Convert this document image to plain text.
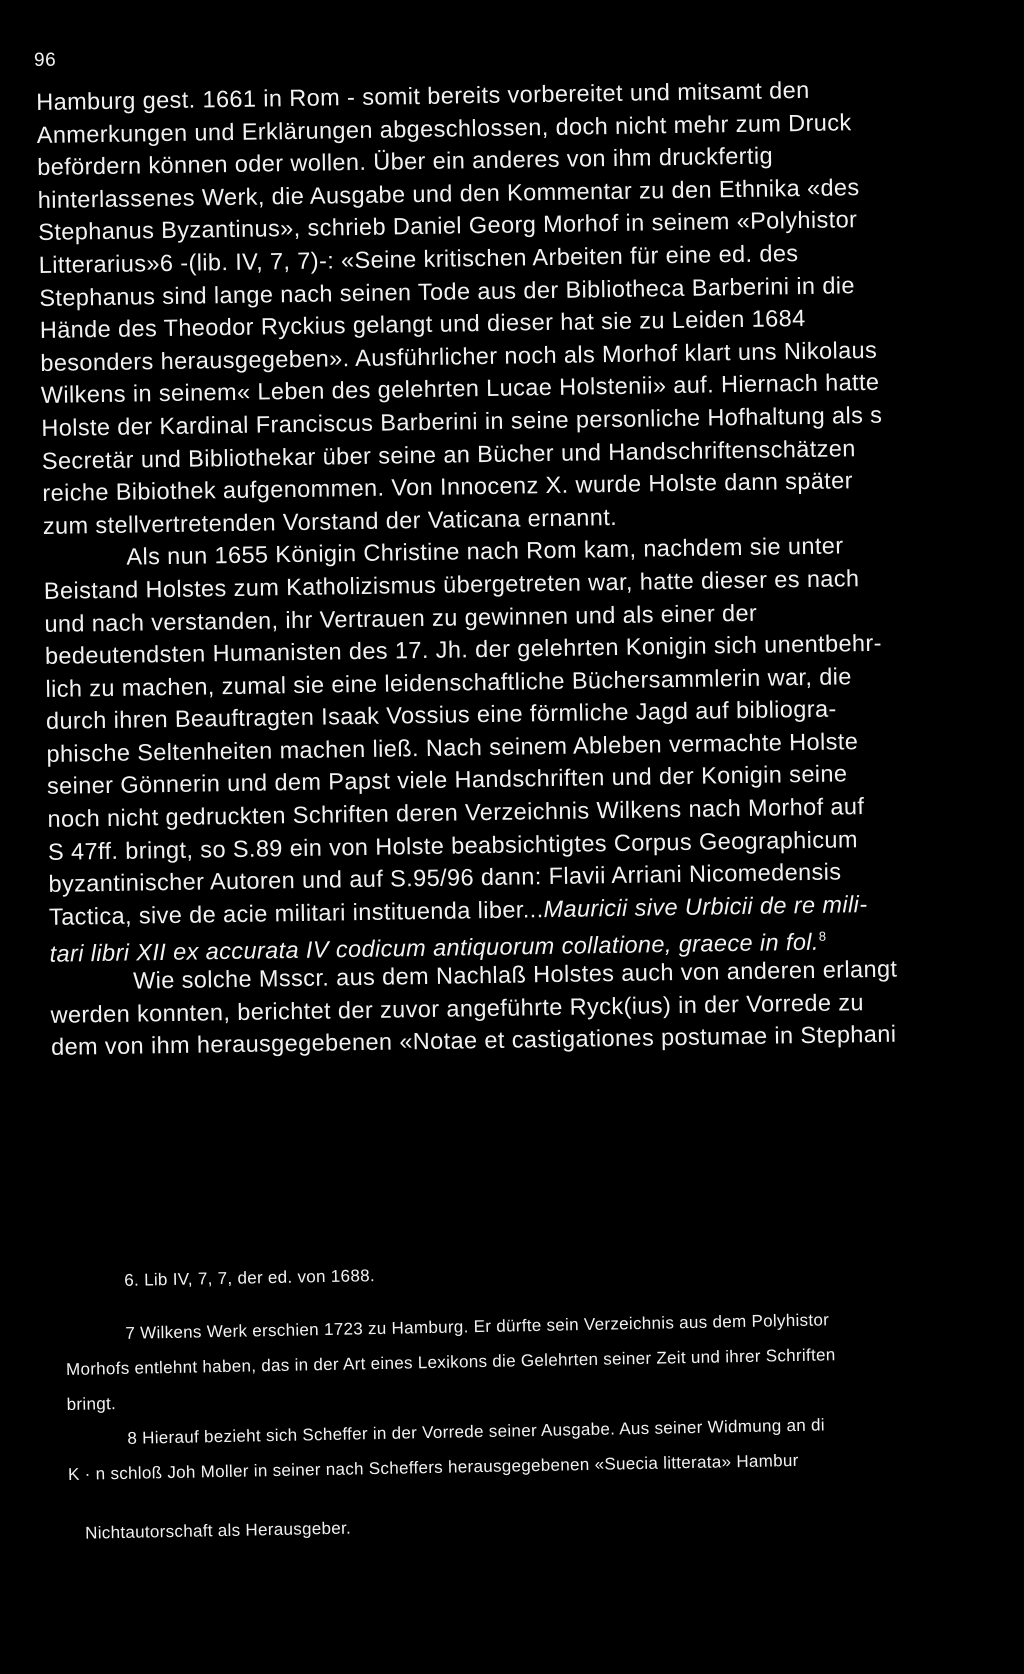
96
Hamburg gest. 1661 in Rom - somit bereits vorbereitet und mitsamt den
Anmerkungen und Erklärungen abgeschlossen, doch nicht mehr zum Druck
befördern können oder wollen. Über ein anderes von ihm druckfertig
hinterlassenes Werk, die Ausgabe und den Kommentar zu den Ethnika «des
Stephanus Byzantinus», schrieb Daniel Georg Morhof in seinem «Polyhistor
Litterarius»6 -(lib. IV, 7, 7)-: «Seine kritischen Arbeiten für eine ed. des
Stephanus sind lange nach seinen Tode aus der Bibliotheca Barberini in die
Hände des Theodor Ryckius gelangt und dieser hat sie zu Leiden 1684
besonders herausgegeben». Ausführlicher noch als Morhof klart uns Nikolaus
Wilkens in seinem« Leben des gelehrten Lucae Holstenii» auf. Hiernach hatte
Holste der Kardinal Franciscus Barberini in seine personliche Hofhaltung als s
Secretär und Bibliothekar über seine an Bücher und Handschriftenschätzen
reiche Bibiothek aufgenommen. Von Innocenz X. wurde Holste dann später
zum stellvertretenden Vorstand der Vaticana ernannt.
Als nun 1655 Königin Christine nach Rom kam, nachdem sie unter
Beistand Holstes zum Katholizismus übergetreten war, hatte dieser es nach
und nach verstanden, ihr Vertrauen zu gewinnen und als einer der
bedeutendsten Humanisten des 17. Jh. der gelehrten Konigin sich unentbehr-
lich zu machen, zumal sie eine leidenschaftliche Büchersammlerin war, die
durch ihren Beauftragten Isaak Vossius eine förmliche Jagd auf bibliogra-
phische Seltenheiten machen ließ. Nach seinem Ableben vermachte Holste
seiner Gönnerin und dem Papst viele Handschriften und der Konigin seine
noch nicht gedruckten Schriften deren Verzeichnis Wilkens nach Morhof auf
S 47ff. bringt, so S.89 ein von Holste beabsichtigtes Corpus Geographicum
byzantinischer Autoren und auf S.95/96 dann: Flavii Arriani Nicomedensis
Tactica, sive de acie militari instituenda liber...Mauricii sive Urbicii de re mili-
tari libri XII ex accurata IV codicum antiquorum collatione, graece in fol.$^8$
Wie solche Msscr. aus dem Nachlaß Holstes auch von anderen erlangt
werden konnten, berichtet der zuvor angeführte Ryck(ius) in der Vorrede zu
dem von ihm herausgegebenen «Notae et castigationes postumae in Stephani
6. Lib IV, 7, 7, der ed. von 1688.
7 Wilkens Werk erschien 1723 zu Hamburg. Er dürfte sein Verzeichnis aus dem Polyhistor
Morhofs entlehnt haben, das in der Art eines Lexikons die Gelehrten seiner Zeit und ihrer Schriften
bringt.
8 Hierauf bezieht sich Scheffer in der Vorrede seiner Ausgabe. Aus seiner Widmung an di
K · n schloß Joh Moller in seiner nach Scheffers herausgegebenen «Suecia litterata» Hambur
Nichtautorschaft als Herausgeber.
